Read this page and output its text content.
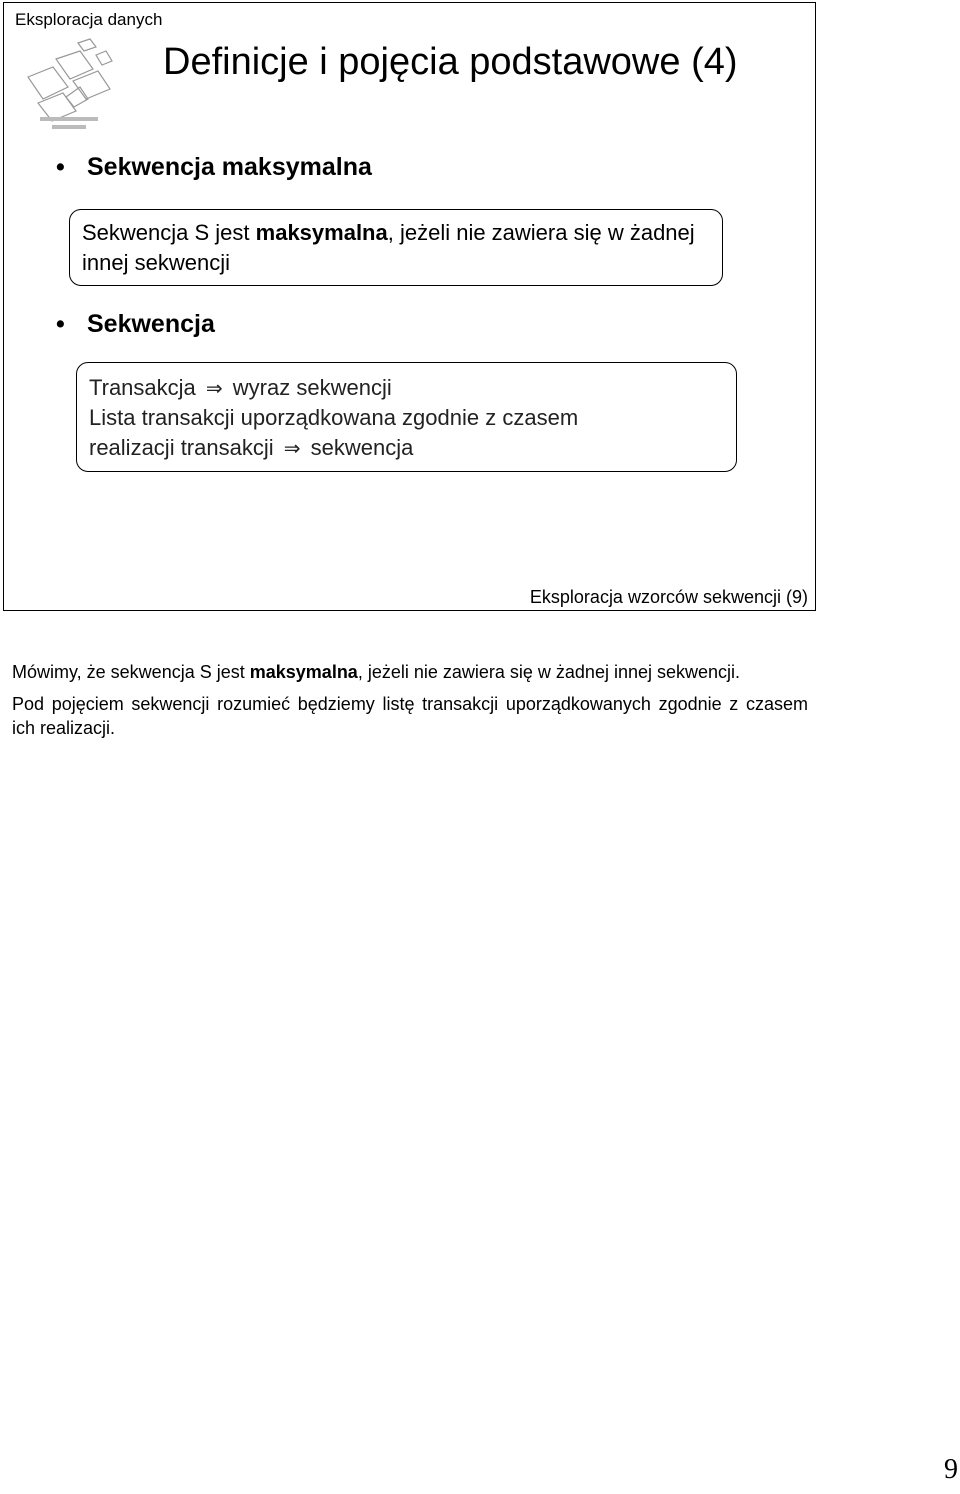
Eksploracja danych
Definicje i pojęcia podstawowe (4)
• Sekwencja maksymalna
Sekwencja S jest maksymalna, jeżeli nie zawiera się w żadnej innej sekwencji
• Sekwencja
Transakcja ⇒ wyraz sekwencji
Lista transakcji uporządkowana zgodnie z czasem
realizacji transakcji ⇒ sekwencja
Eksploracja wzorców sekwencji (9)

Mówimy, że sekwencja S jest maksymalna, jeżeli nie zawiera się w żadnej innej sekwencji.

Pod pojęciem sekwencji rozumieć będziemy listę transakcji uporządkowanych zgodnie z czasem ich realizacji.

9
